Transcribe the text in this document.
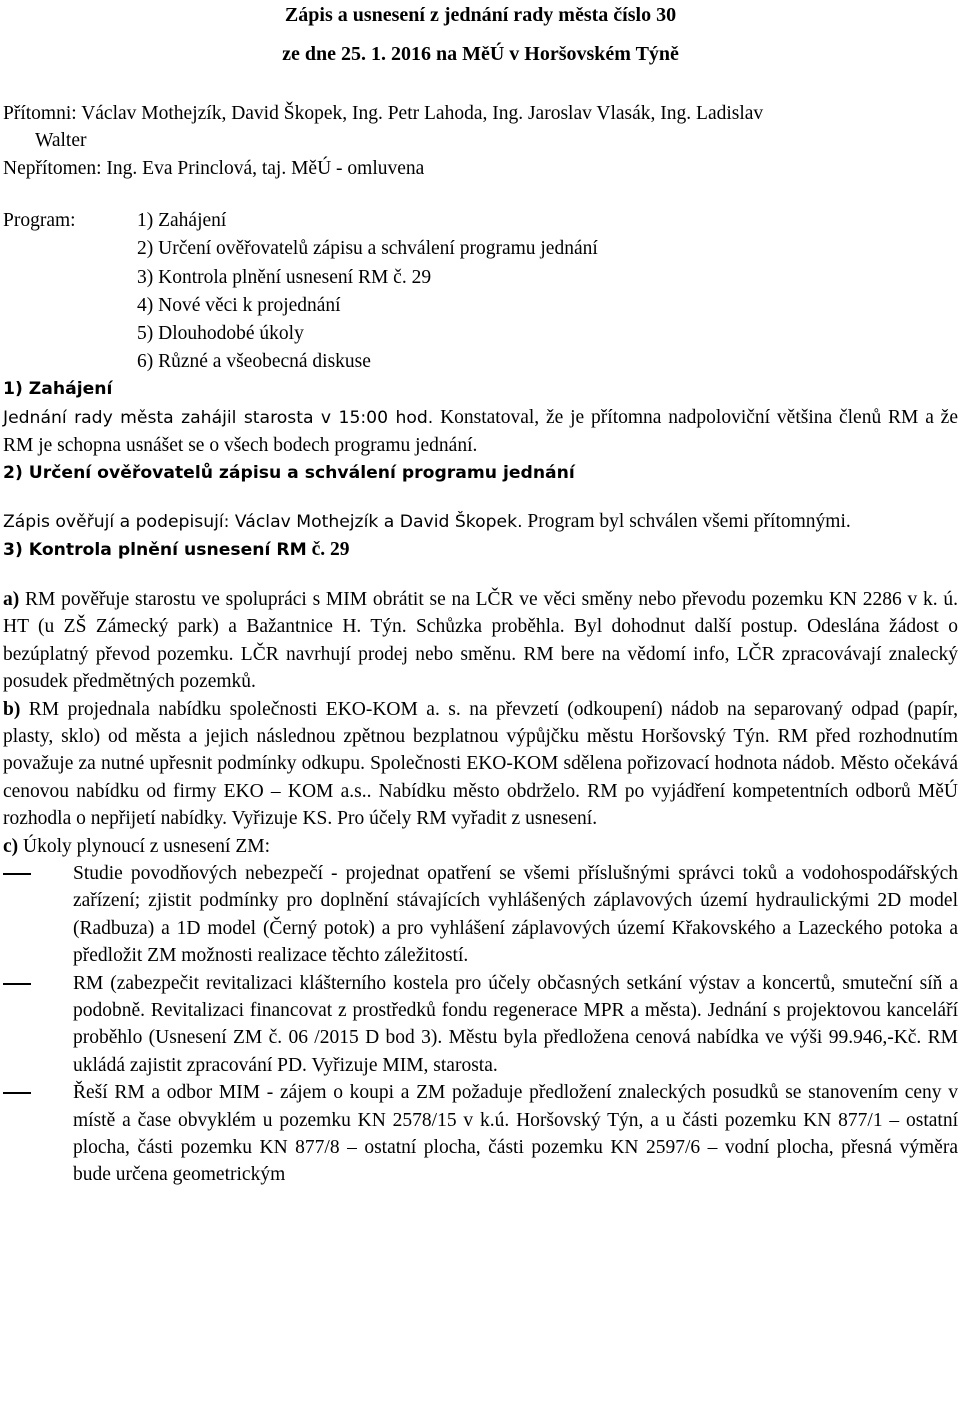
Zápis a usnesení z jednání rady města číslo 30
ze dne 25. 1. 2016 na MěÚ v Horšovském Týně
Přítomni: Václav Mothejzík, David Škopek, Ing. Petr Lahoda, Ing. Jaroslav Vlasák, Ing. Ladislav
Walter
Nepřítomen: Ing. Eva Princlová, taj. MěÚ - omluvena
Program:	1) Zahájení
2) Určení ověřovatelů zápisu a schválení programu jednání
3) Kontrola plnění usnesení RM č. 29
4) Nové věci k projednání
5) Dlouhodobé úkoly
6) Různé a všeobecná diskuse
1) Zahájení

Jednání rady města zahájil starosta v 15:00 hod. Konstatoval, že je přítomna nadpoloviční většina členů RM a že RM je schopna usnášet se o všech bodech programu jednání.

2) Určení ověřovatelů zápisu a schválení programu jednání

Zápis ověřují a podepisují: Václav Mothejzík a David Škopek. Program byl schválen všemi přítomnými.

3) Kontrola plnění usnesení RM č. 29

a) RM pověřuje starostu ve spolupráci s MIM obrátit se na LČR ve věci směny nebo převodu pozemku KN 2286 v k. ú. HT (u ZŠ Zámecký park) a Bažantnice H. Týn. Schůzka proběhla. Byl dohodnut další postup. Odeslána žádost o bezúplatný převod pozemku. LČR navrhují prodej nebo směnu. RM bere na vědomí info, LČR zpracovávají znalecký posudek předmětných pozemků.

b) RM projednala nabídku společnosti EKO-KOM a. s. na převzetí (odkoupení) nádob na separovaný odpad (papír, plasty, sklo) od města a jejich následnou zpětnou bezplatnou výpůjčku městu Horšovský Týn. RM před rozhodnutím považuje za nutné upřesnit podmínky odkupu. Společnosti EKO-KOM sdělena pořizovací hodnota nádob. Město očekává cenovou nabídku od firmy EKO – KOM a.s.. Nabídku město obdrželo. RM po vyjádření kompetentních odborů MěÚ rozhodla o nepřijetí nabídky. Vyřizuje KS. Pro účely RM vyřadit z usnesení.

c) Úkoly plynoucí z usnesení ZM:

Studie povodňových nebezpečí - projednat opatření se všemi příslušnými správci toků a vodohospodářských zařízení; zjistit podmínky pro doplnění stávajících vyhlášených záplavových území hydraulickými 2D model (Radbuza) a 1D model (Černý potok) a pro vyhlášení záplavových území Křakovského a Lazeckého potoka a předložit ZM možnosti realizace těchto záležitostí.
RM (zabezpečit revitalizaci klášterního kostela pro účely občasných setkání výstav a koncertů, smuteční síň a podobně. Revitalizaci financovat z prostředků fondu regenerace MPR a města). Jednání s projektovou kanceláří proběhlo (Usnesení ZM č. 06 /2015 D bod 3). Městu byla předložena cenová nabídka ve výši 99.946,-Kč. RM ukládá zajistit zpracování PD. Vyřizuje MIM, starosta.
Řeší RM a odbor MIM - zájem o koupi a ZM požaduje předložení znaleckých posudků se stanovením ceny v místě a čase obvyklém u pozemku KN 2578/15 v k.ú. Horšovský Týn, a u části pozemku KN 877/1 – ostatní plocha, části pozemku KN 877/8 – ostatní plocha, části pozemku KN 2597/6 – vodní plocha, přesná výměra bude určena geometrickým
